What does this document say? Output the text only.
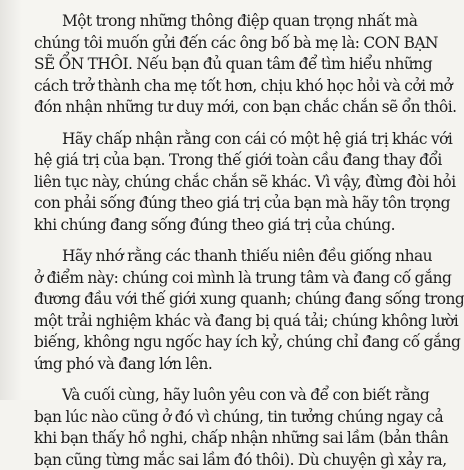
Một trong những thông điệp quan trọng nhất mà
chúng tôi muốn gửi đến các ông bố bà mẹ là: CON BẠN
SẼ ỔN THÔI. Nếu bạn đủ quan tâm để tìm hiểu những
cách trở thành cha mẹ tốt hơn, chịu khó học hỏi và cởi mở
đón nhận những tư duy mới, con bạn chắc chắn sẽ ổn thôi.
Hãy chấp nhận rằng con cái có một hệ giá trị khác với
hệ giá trị của bạn. Trong thế giới toàn cầu đang thay đổi
liên tục này, chúng chắc chắn sẽ khác. Vì vậy, đừng đòi hỏi
con phải sống đúng theo giá trị của bạn mà hãy tôn trọng
khi chúng đang sống đúng theo giá trị của chúng.
Hãy nhớ rằng các thanh thiếu niên đều giống nhau
ở điểm này: chúng coi mình là trung tâm và đang cố gắng
đương đầu với thế giới xung quanh; chúng đang sống trong
một trải nghiệm khác và đang bị quá tải; chúng không lười
biếng, không ngu ngốc hay ích kỷ, chúng chỉ đang cố gắng
ứng phó và đang lớn lên.
Và cuối cùng, hãy luôn yêu con và để con biết rằng
bạn lúc nào cũng ở đó vì chúng, tin tưởng chúng ngay cả
khi bạn thấy hồ nghi, chấp nhận những sai lầm (bản thân
bạn cũng từng mắc sai lầm đó thôi). Dù chuyện gì xảy ra,
